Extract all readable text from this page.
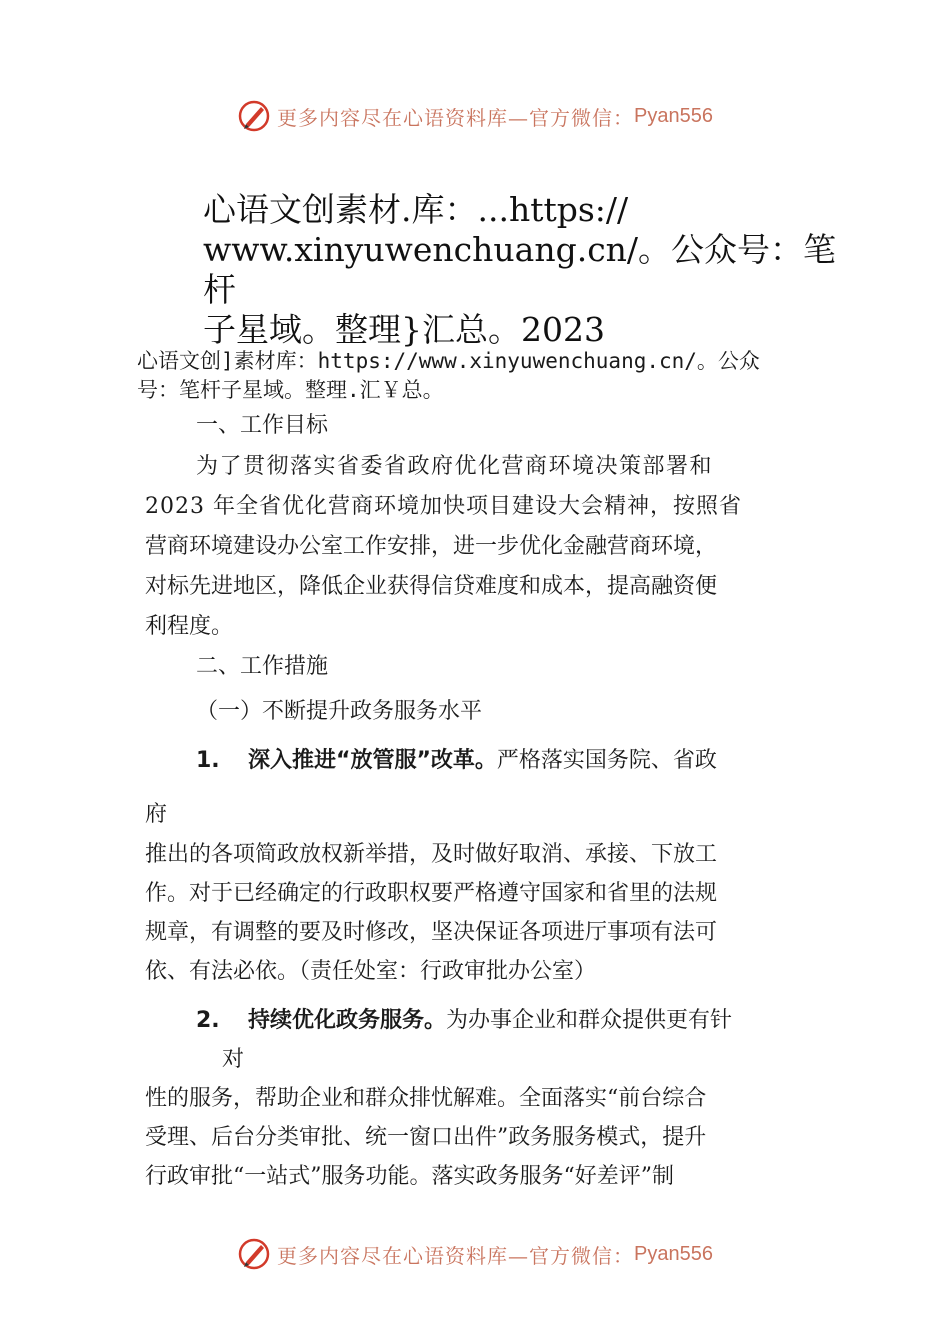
更多内容尽在心语资料库—官方微信： Pyan556
心语文创素材.库：...https://
www.xinyuwenchuang.cn/。公众号：笔杆
子星域。整理}汇总。2023
心语文创]素材库：https://www.xinyuwenchuang.cn/。公众
号：笔杆子星域。整理.汇￥总。
一、工作目标
为了贯彻落实省委省政府优化营商环境决策部署和
2023 年全省优化营商环境加快项目建设大会精神，按照省
营商环境建设办公室工作安排，进一步优化金融营商环境，
对标先进地区，降低企业获得信贷难度和成本，提高融资便
利程度。
二、工作措施
（一）不断提升政务服务水平
1. 深入推进“放管服”改革。严格落实国务院、省政
府
推出的各项简政放权新举措，及时做好取消、承接、下放工
作。对于已经确定的行政职权要严格遵守国家和省里的法规
规章，有调整的要及时修改，坚决保证各项进厅事项有法可
依、有法必依。（责任处室：行政审批办公室）
2. 持续优化政务服务。为办事企业和群众提供更有针
对
性的服务，帮助企业和群众排忧解难。全面落实“前台综合
受理、后台分类审批、统一窗口出件”政务服务模式，提升
行政审批“一站式”服务功能。落实政务服务“好差评”制
更多内容尽在心语资料库—官方微信： Pyan556
